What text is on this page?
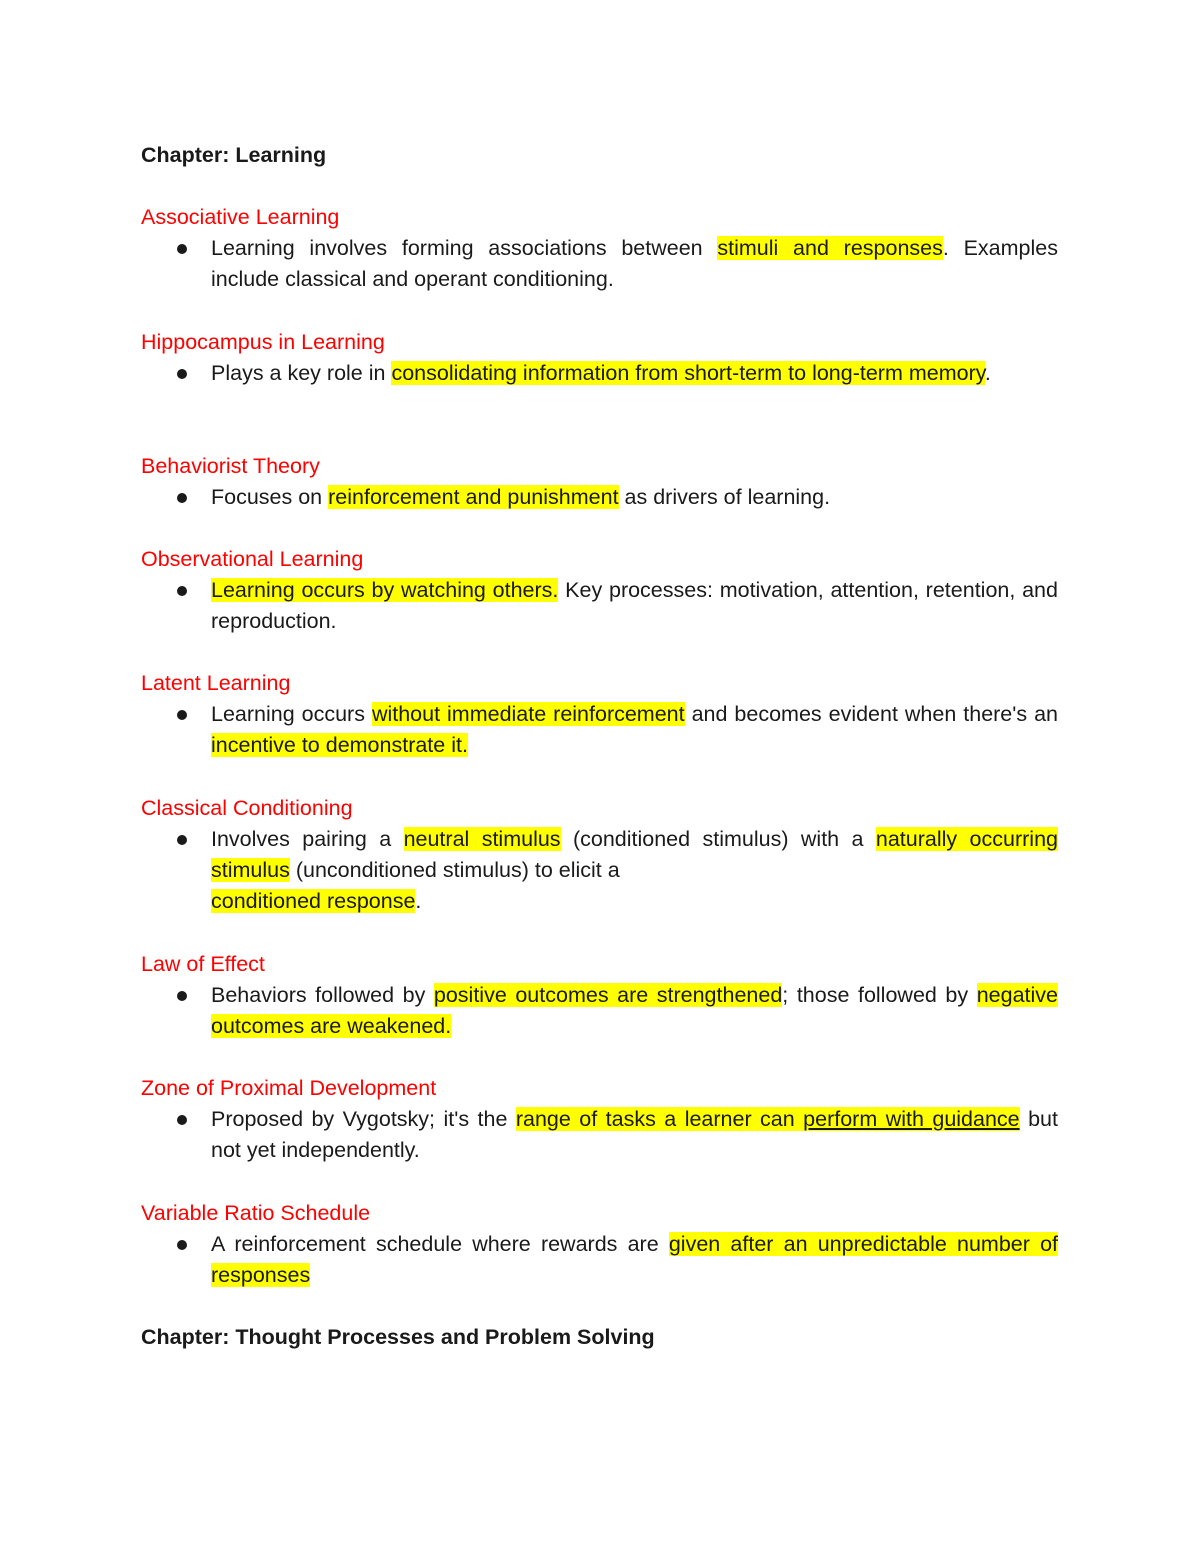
Chapter: Learning
Associative Learning
Learning involves forming associations between stimuli and responses. Examples include classical and operant conditioning.
Hippocampus in Learning
Plays a key role in consolidating information from short-term to long-term memory.
Behaviorist Theory
Focuses on reinforcement and punishment as drivers of learning.
Observational Learning
Learning occurs by watching others. Key processes: motivation, attention, retention, and reproduction.
Latent Learning
Learning occurs without immediate reinforcement and becomes evident when there's an incentive to demonstrate it.
Classical Conditioning
Involves pairing a neutral stimulus (conditioned stimulus) with a naturally occurring stimulus (unconditioned stimulus) to elicit a
conditioned response.
Law of Effect
Behaviors followed by positive outcomes are strengthened; those followed by negative outcomes are weakened.
Zone of Proximal Development
Proposed by Vygotsky; it's the range of tasks a learner can perform with guidance but not yet independently.
Variable Ratio Schedule
A reinforcement schedule where rewards are given after an unpredictable number of responses
Chapter: Thought Processes and Problem Solving
